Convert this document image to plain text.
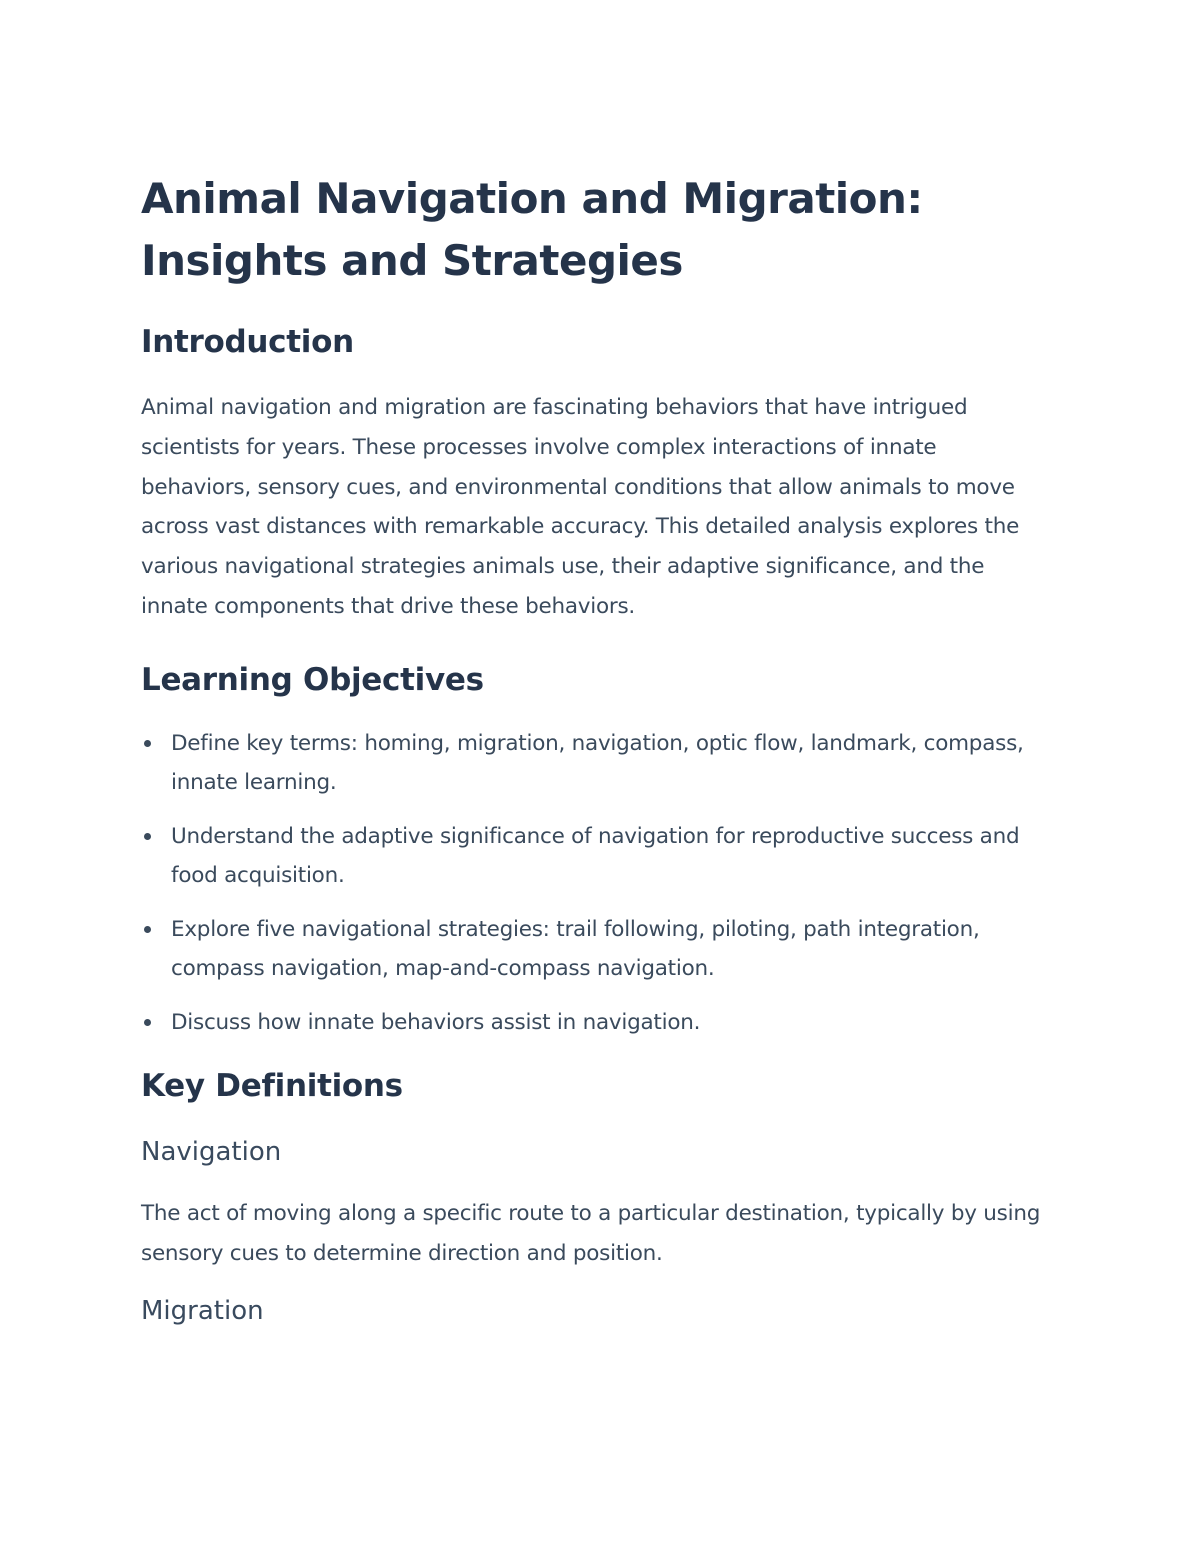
Animal Navigation and Migration: Insights and Strategies
Introduction

Animal navigation and migration are fascinating behaviors that have intrigued scientists for years. These processes involve complex interactions of innate behaviors, sensory cues, and environmental conditions that allow animals to move across vast distances with remarkable accuracy. This detailed analysis explores the various navigational strategies animals use, their adaptive significance, and the innate components that drive these behaviors.

Learning Objectives
Define key terms: homing, migration, navigation, optic flow, landmark, compass, innate learning.
Understand the adaptive significance of navigation for reproductive success and food acquisition.
Explore five navigational strategies: trail following, piloting, path integration, compass navigation, map-and-compass navigation.
Discuss how innate behaviors assist in navigation.
Key Definitions
Navigation

The act of moving along a specific route to a particular destination, typically by using sensory cues to determine direction and position.

Migration
